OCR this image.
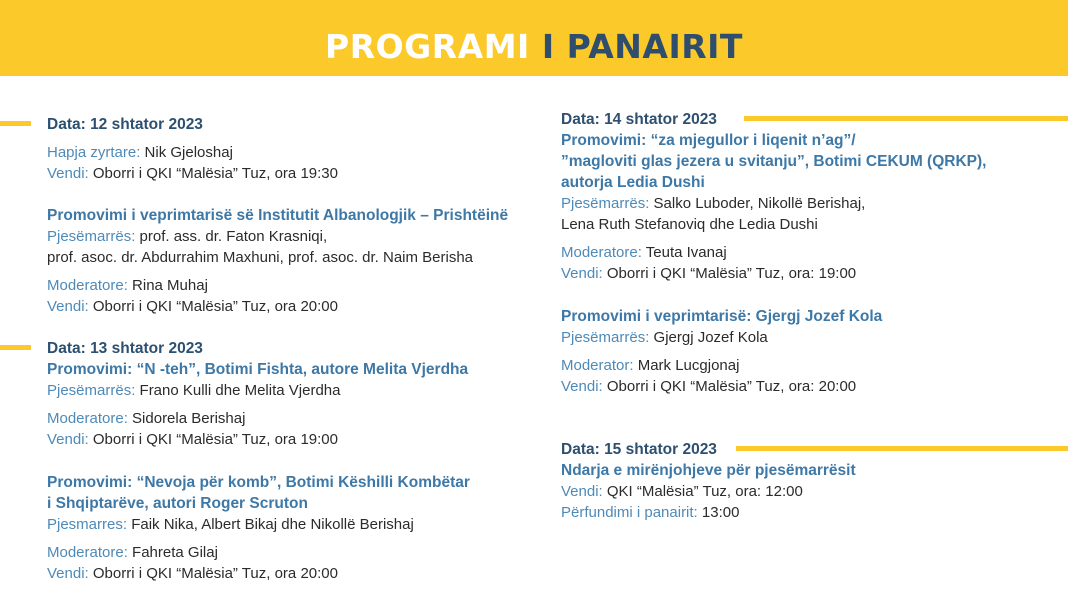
PROGRAMI I PANAIRIT
Data: 12 shtator 2023
Hapja zyrtare: Nik Gjeloshaj
Vendi: Oborri i QKI “Malësia” Tuz, ora 19:30
Promovimi i veprimtarisë së Institutit Albanologjik – Prishtëinë
Pjesëmarrës: prof. ass. dr. Faton Krasniqi,
prof. asoc. dr. Abdurrahim Maxhuni, prof. asoc. dr. Naim Berisha
Moderatore: Rina Muhaj
Vendi: Oborri i QKI “Malësia” Tuz, ora 20:00
Data: 13 shtator 2023
Promovimi: “N -teh”, Botimi Fishta, autore Melita Vjerdha
Pjesëmarrës: Frano Kulli dhe Melita Vjerdha
Moderatore: Sidorela Berishaj
Vendi: Oborri i QKI “Malësia” Tuz, ora 19:00
Promovimi: “Nevoja për komb”, Botimi Këshilli Kombëtar
i Shqiptarëve, autori Roger Scruton
Pjesmarres: Faik Nika, Albert Bikaj dhe Nikollë Berishaj
Moderatore: Fahreta Gilaj
Vendi: Oborri i QKI “Malësia” Tuz, ora 20:00
Data: 14 shtator 2023
Promovimi: “za mjegullor i liqenit n’ag”/
”magloviti glas jezera u svitanju”, Botimi CEKUM (QRKP),
autorja Ledia Dushi
Pjesëmarrës: Salko Luboder, Nikollë Berishaj,
Lena Ruth Stefanoviq dhe Ledia Dushi
Moderatore: Teuta Ivanaj
Vendi: Oborri i QKI “Malësia” Tuz, ora: 19:00
Promovimi i veprimtarisë: Gjergj Jozef Kola
Pjesëmarrës: Gjergj Jozef Kola
Moderator: Mark Lucgjonaj
Vendi: Oborri i QKI “Malësia” Tuz, ora: 20:00
Data: 15 shtator 2023
Ndarja e mirënjohjeve për pjesëmarrësit
Vendi: QKI “Malësia” Tuz, ora: 12:00
Përfundimi i panairit: 13:00
